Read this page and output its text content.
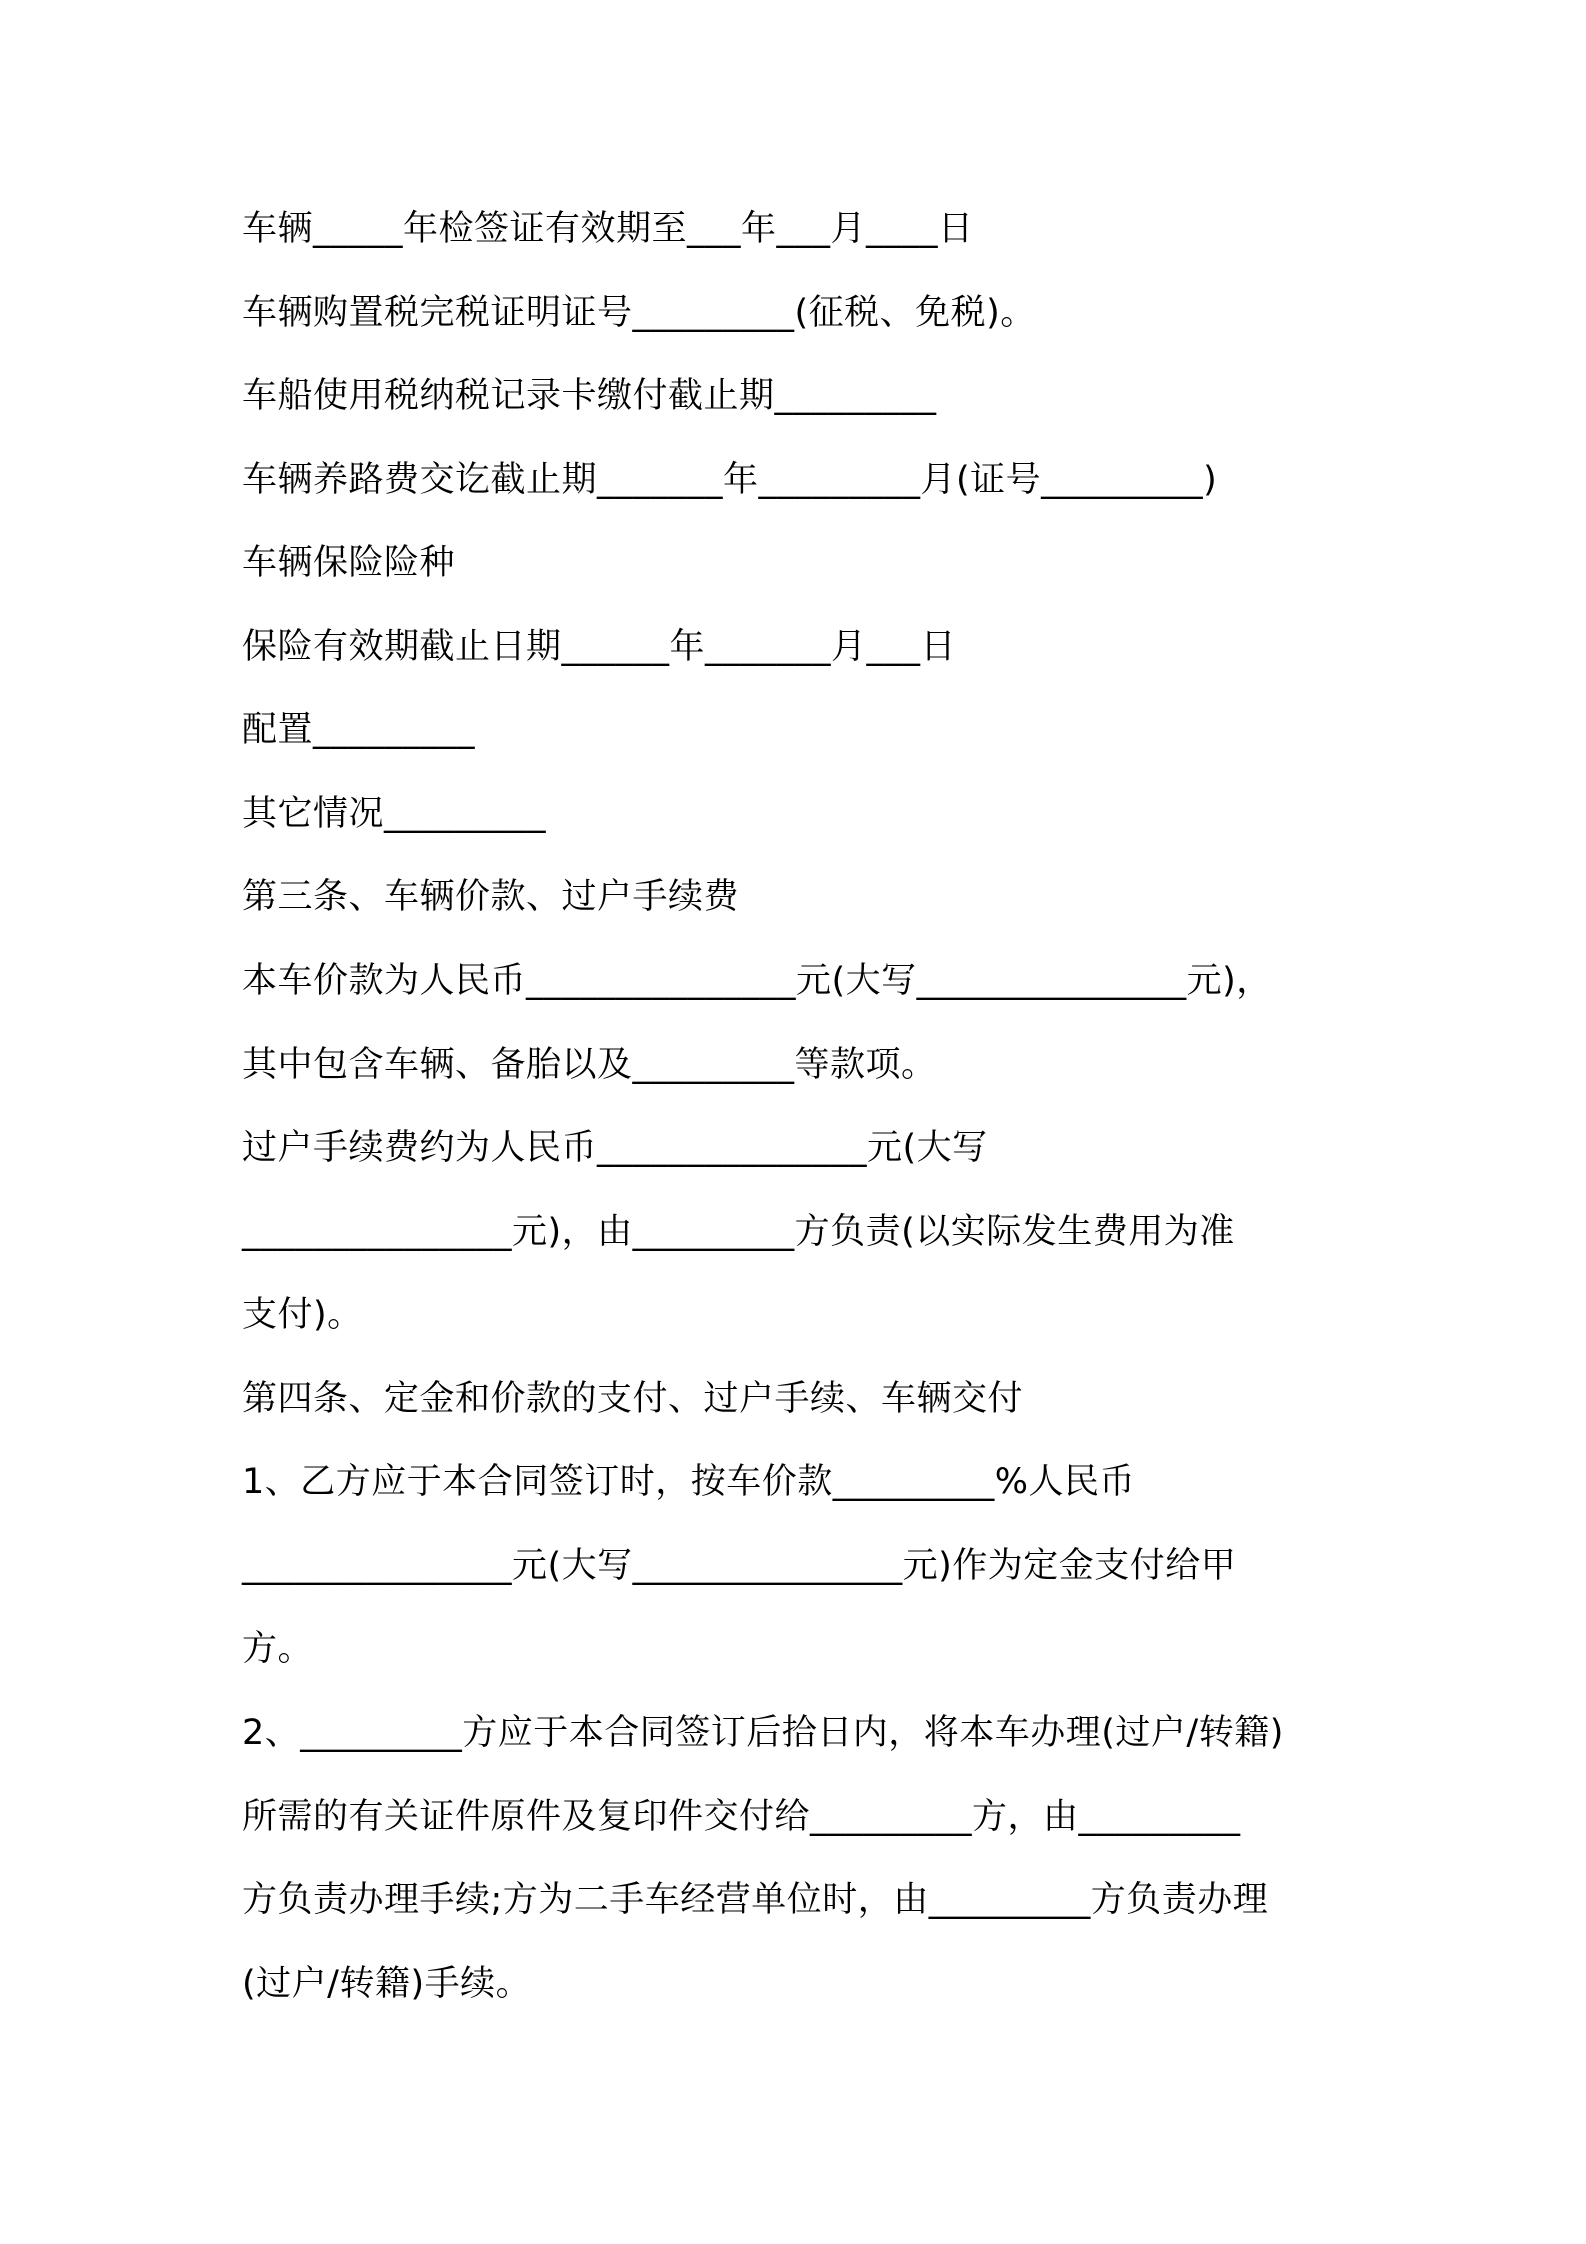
车辆_____年检签证有效期至___年___月____日

车辆购置税完税证明证号_________(征税、免税)。

车船使用税纳税记录卡缴付截止期_________

车辆养路费交讫截止期_______年_________月(证号_________)

车辆保险险种

保险有效期截止日期______年_______月___日

配置_________

其它情况_________

第三条、车辆价款、过户手续费

本车价款为人民币_______________元(大写_______________元)，

其中包含车辆、备胎以及_________等款项。

过户手续费约为人民币_______________元(大写

_______________元)，由_________方负责(以实际发生费用为准

支付)。

第四条、定金和价款的支付、过户手续、车辆交付

1、乙方应于本合同签订时，按车价款_________%人民币

_______________元(大写_______________元)作为定金支付给甲

方。

2、_________方应于本合同签订后拾日内，将本车办理(过户/转籍)

所需的有关证件原件及复印件交付给_________方，由_________

方负责办理手续;方为二手车经营单位时，由_________方负责办理

(过户/转籍)手续。
